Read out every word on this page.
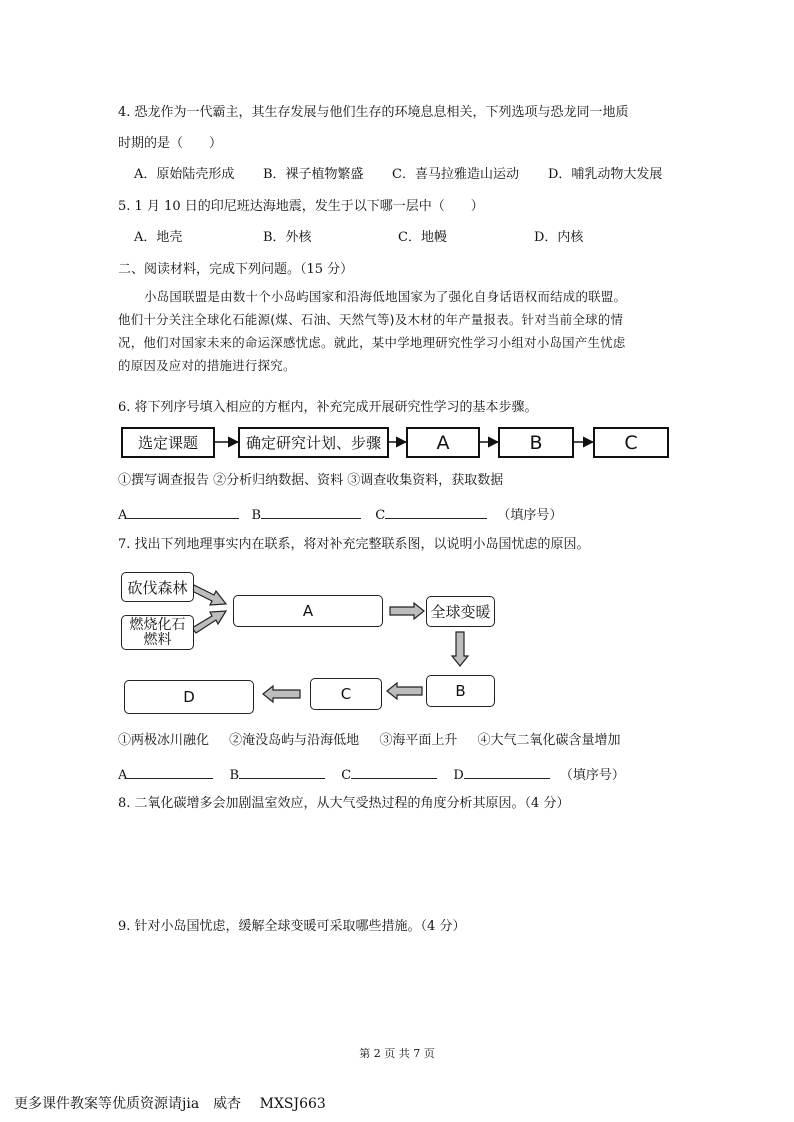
4. 恐龙作为一代霸主，其生存发展与他们生存的环境息息相关，下列选项与恐龙同一地质
时期的是（　　）
A．原始陆壳形成 B．裸子植物繁盛 C．喜马拉雅造山运动 D．哺乳动物大发展
5. 1 月 10 日的印尼班达海地震，发生于以下哪一层中（　　）
A．地壳	B．外核	C．地幔	D．内核
二、阅读材料，完成下列问题。（15 分）
小岛国联盟是由数十个小岛屿国家和沿海低地国家为了强化自身话语权而结成的联盟。
他们十分关注全球化石能源(煤、石油、天然气等)及木材的年产量报表。针对当前全球的情
况，他们对国家未来的命运深感忧虑。就此，某中学地理研究性学习小组对小岛国产生忧虑
的原因及应对的措施进行探究。
6. 将下列序号填入相应的方框内，补充完成开展研究性学习的基本步骤。
选定课题	确定研究计划、步骤	A	B	C
①撰写调查报告 ②分析归纳数据、资料 ③调查收集资料，获取数据
A	B	C	（填序号）
7. 找出下列地理事实内在联系，将对补充完整联系图，以说明小岛国忧虑的原因。
砍伐森林
燃烧化石
燃料
A	全球变暖
B
C
D
①两极冰川融化 ②淹没岛屿与沿海低地 ③海平面上升 ④大气二氧化碳含量增加
A	B	C	D	（填序号）
8. 二氧化碳增多会加剧温室效应，从大气受热过程的角度分析其原因。（4 分）
9. 针对小岛国忧虑，缓解全球变暖可采取哪些措施。（4 分）
第 2 页 共 7 页
更多课件教案等优质资源请jia　威杏　 MXSJ663
